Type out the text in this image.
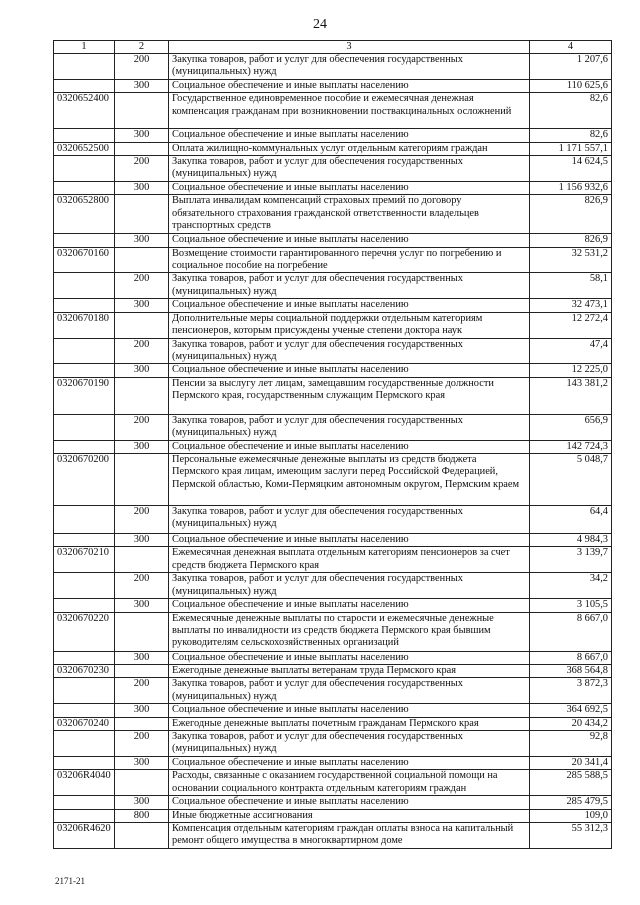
24
1	2	3	4
	200	Закупка товаров, работ и услуг для обеспечения государственных (муниципальных) нужд	1 207,6
	300	Социальное обеспечение и иные выплаты населению	110 625,6
0320652400		Государственное единовременное пособие и ежемесячная денежная компенсация гражданам при возникновении поствакцинальных осложнений	82,6
	300	Социальное обеспечение и иные выплаты населению	82,6
0320652500		Оплата жилищно-коммунальных услуг отдельным категориям граждан	1 171 557,1
	200	Закупка товаров, работ и услуг для обеспечения государственных (муниципальных) нужд	14 624,5
	300	Социальное обеспечение и иные выплаты населению	1 156 932,6
0320652800		Выплата инвалидам компенсаций страховых премий по договору обязательного страхования гражданской ответственности владельцев транспортных средств	826,9
	300	Социальное обеспечение и иные выплаты населению	826,9
0320670160		Возмещение стоимости гарантированного перечня услуг по погребению и социальное пособие на погребение	32 531,2
	200	Закупка товаров, работ и услуг для обеспечения государственных (муниципальных) нужд	58,1
	300	Социальное обеспечение и иные выплаты населению	32 473,1
0320670180		Дополнительные меры социальной поддержки отдельным категориям пенсионеров, которым присуждены ученые степени доктора наук	12 272,4
	200	Закупка товаров, работ и услуг для обеспечения государственных (муниципальных) нужд	47,4
	300	Социальное обеспечение и иные выплаты населению	12 225,0
0320670190		Пенсии за выслугу лет лицам, замещавшим государственные должности Пермского края, государственным служащим Пермского края	143 381,2
	200	Закупка товаров, работ и услуг для обеспечения государственных (муниципальных) нужд	656,9
	300	Социальное обеспечение и иные выплаты населению	142 724,3
0320670200		Персональные ежемесячные денежные выплаты из средств бюджета Пермского края лицам, имеющим заслуги перед Российской Федерацией, Пермской областью, Коми-Пермяцким автономным округом, Пермским краем	5 048,7
	200	Закупка товаров, работ и услуг для обеспечения государственных (муниципальных) нужд	64,4
	300	Социальное обеспечение и иные выплаты населению	4 984,3
0320670210		Ежемесячная денежная выплата отдельным категориям пенсионеров за счет средств бюджета Пермского края	3 139,7
	200	Закупка товаров, работ и услуг для обеспечения государственных (муниципальных) нужд	34,2
	300	Социальное обеспечение и иные выплаты населению	3 105,5
0320670220		Ежемесячные денежные выплаты по старости и ежемесячные денежные выплаты по инвалидности из средств бюджета Пермского края бывшим руководителям сельскохозяйственных организаций	8 667,0
	300	Социальное обеспечение и иные выплаты населению	8 667,0
0320670230		Ежегодные денежные выплаты ветеранам труда Пермского края	368 564,8
	200	Закупка товаров, работ и услуг для обеспечения государственных (муниципальных) нужд	3 872,3
	300	Социальное обеспечение и иные выплаты населению	364 692,5
0320670240		Ежегодные денежные выплаты почетным гражданам Пермского края	20 434,2
	200	Закупка товаров, работ и услуг для обеспечения государственных (муниципальных) нужд	92,8
	300	Социальное обеспечение и иные выплаты населению	20 341,4
03206R4040		Расходы, связанные с оказанием государственной социальной помощи на основании социального контракта отдельным категориям граждан	285 588,5
	300	Социальное обеспечение и иные выплаты населению	285 479,5
	800	Иные бюджетные ассигнования	109,0
03206R4620		Компенсация отдельным категориям граждан оплаты взноса на капитальный ремонт общего имущества в многоквартирном доме	55 312,3
2171-21
